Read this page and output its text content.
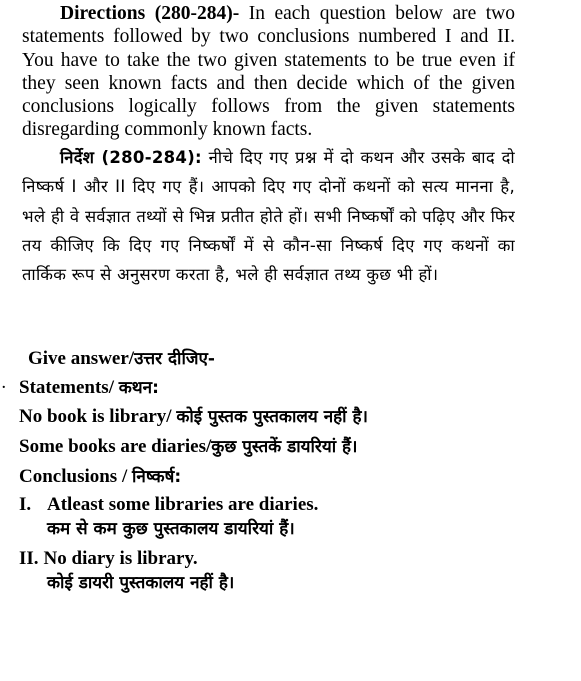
Directions (280-284)- In each question below are two statements followed by two conclusions numbered I and II. You have to take the two given statements to be true even if they seen known facts and then decide which of the given conclusions logically follows from the given statements disregarding commonly known facts.

निर्देश (280-284): नीचे दिए गए प्रश्न में दो कथन और उसके बाद दो निष्कर्ष I और II दिए गए हैं। आपको दिए गए दोनों कथनों को सत्य मानना है, भले ही वे सर्वज्ञात तथ्यों से भिन्न प्रतीत होते हों। सभी निष्कर्षों को पढ़िए और फिर तय कीजिए कि दिए गए निष्कर्षों में से कौन-सा निष्कर्ष दिए गए कथनों का तार्किक रूप से अनुसरण करता है, भले ही सर्वज्ञात तथ्य कुछ भी हों।

Give answer/उत्तर दीजिए-

. Statements/ कथन:

No book is library/ कोई पुस्तक पुस्तकालय नहीं है।

Some books are diaries/कुछ पुस्तकें डायरियां हैं।

Conclusions / निष्कर्ष:

I. Atleast some libraries are diaries.

कम से कम कुछ पुस्तकालय डायरियां हैं।

II. No diary is library.

कोई डायरी पुस्तकालय नहीं है।
